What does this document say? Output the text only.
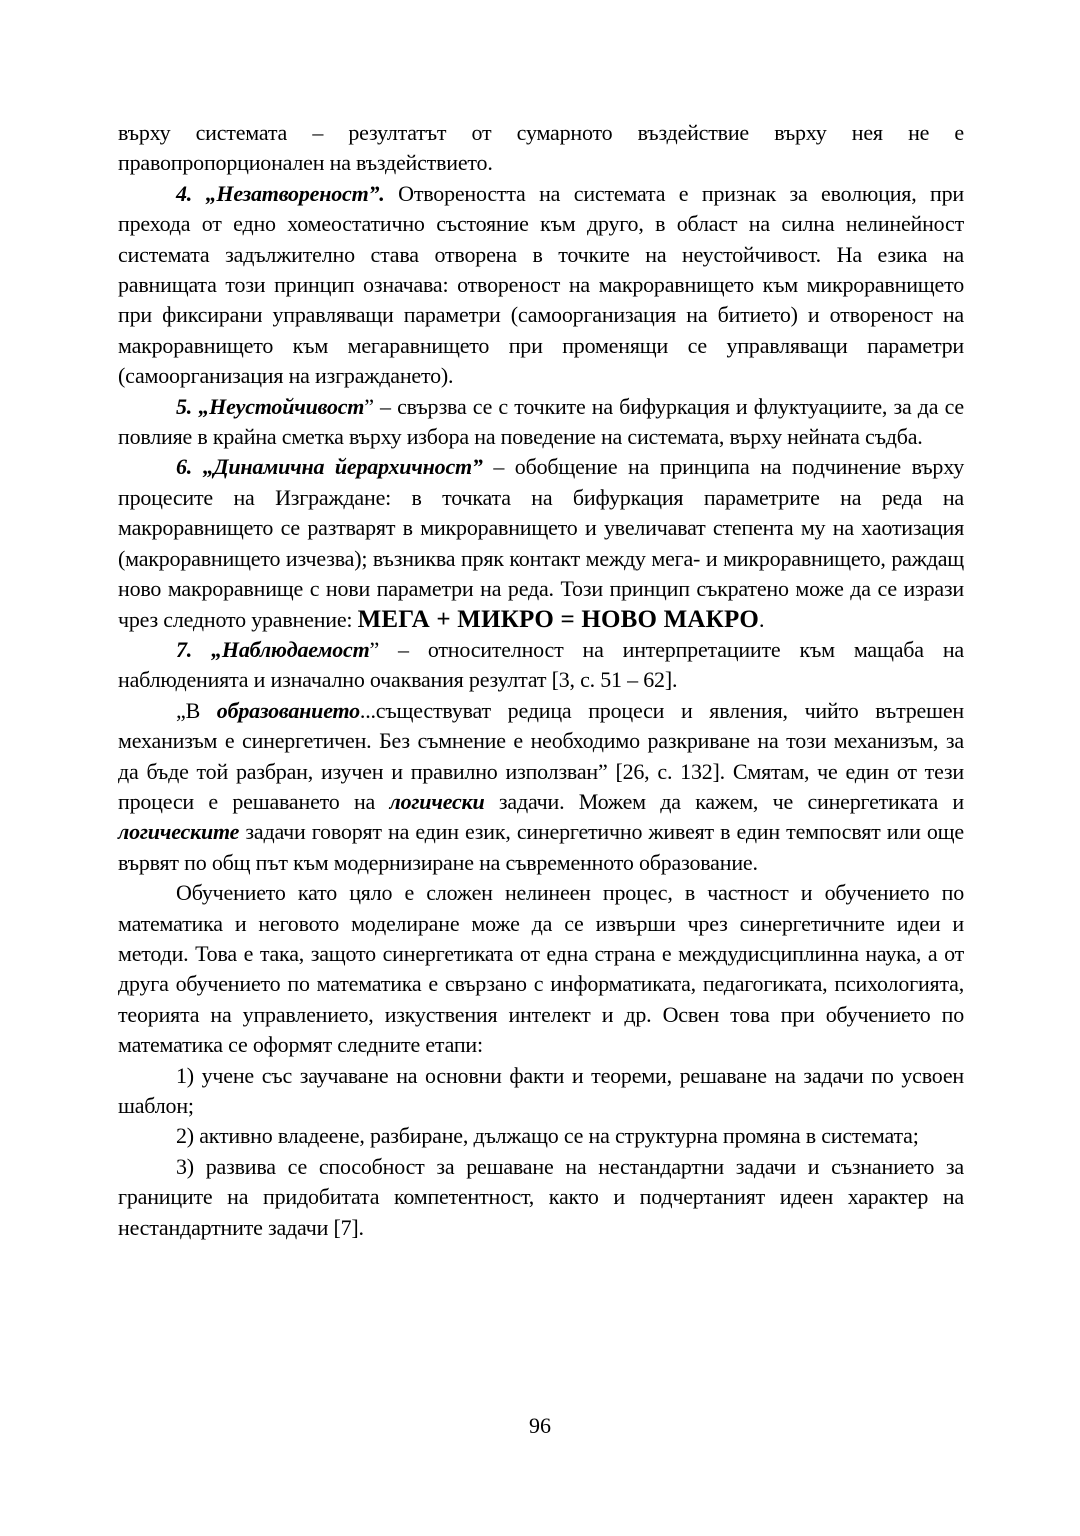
върху системата – резултатът от сумарното въздействие върху нея не е правопропорционален на въздействието.

4. „Незатвореност”. Отвореността на системата е признак за еволюция, при прехода от едно хомеостатично състояние към друго, в област на силна нелинейност системата задължително става отворена в точките на неустойчивост. На езика на равнищата този принцип означава: отвореност на макроравнището към микроравнището при фиксирани управляващи параметри (самоорганизация на битието) и отвореност на макроравнището към мегаравнището при променящи се управляващи параметри (самоорганизация на изграждането).

5. „Неустойчивост” – свързва се с точките на бифуркация и флуктуациите, за да се повлияе в крайна сметка върху избора на поведение на системата, върху нейната съдба.

6. „Динамична йерархичност” – обобщение на принципа на подчинение върху процесите на Изграждане: в точката на бифуркация параметрите на реда на макроравнището се разтварят в микроравнището и увеличават степента му на хаотизация (макроравнището изчезва); възниква пряк контакт между мега- и микроравнището, раждащ ново макроравнище с нови параметри на реда. Този принцип съкратено може да се изрази чрез следното уравнение: МЕГА + МИКРО = НОВО МАКРО.

7. „Наблюдаемост” – относителност на интерпретациите към мащаба на наблюденията и изначално очаквания резултат [3, с. 51 – 62].

„В образованието...съществуват редица процеси и явления, чийто вътрешен механизъм е синергетичен. Без съмнение е необходимо разкриване на този механизъм, за да бъде той разбран, изучен и правилно използван” [26, с. 132]. Смятам, че един от тези процеси е решаването на логически задачи. Можем да кажем, че синергетиката и логическите задачи говорят на един език, синергетично живеят в един темпосвят или още вървят по общ път към модернизиране на съвременното образование.

Обучението като цяло е сложен нелинеен процес, в частност и обучението по математика и неговото моделиране може да се извърши чрез синергетичните идеи и методи. Това е така, защото синергетиката от една страна е междудисциплинна наука, а от друга обучението по математика е свързано с информатиката, педагогиката, психологията, теорията на управлението, изкуствения интелект и др. Освен това при обучението по математика се оформят следните етапи:

1) учене със заучаване на основни факти и теореми, решаване на задачи по усвоен шаблон;

2) активно владеене, разбиране, дължащо се на структурна промяна в системата;

3) развива се способност за решаване на нестандартни задачи и съзнанието за границите на придобитата компетентност, както и подчертаният идеен характер на нестандартните задачи [7].

96
